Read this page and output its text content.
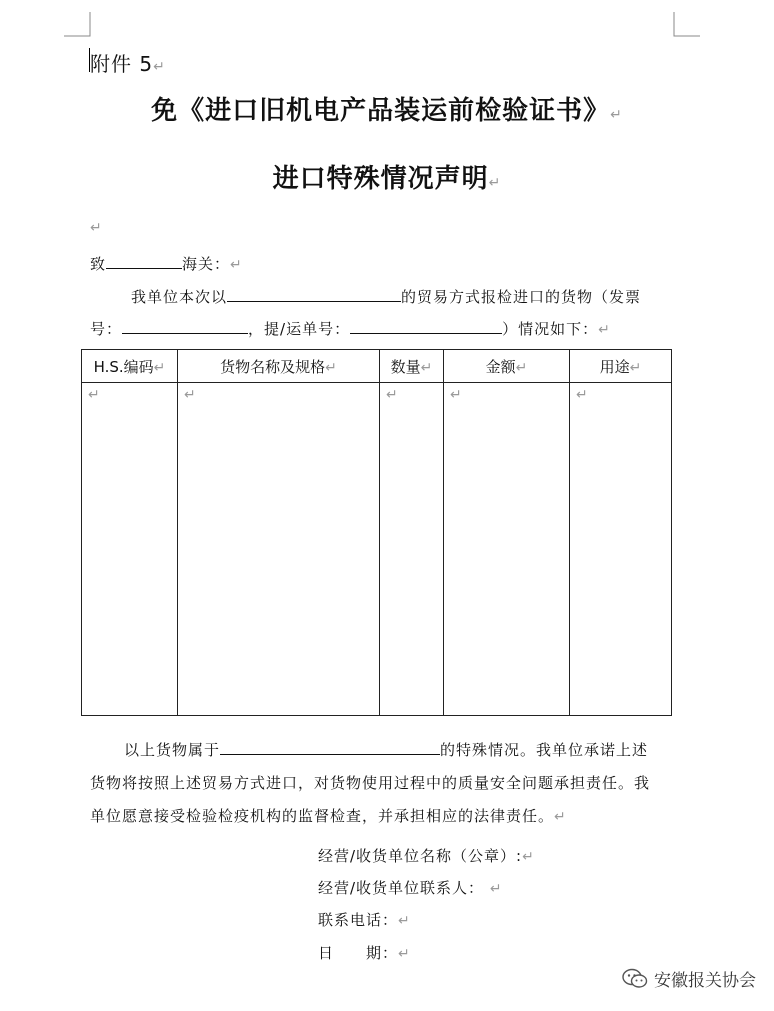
附件 5↵
免《进口旧机电产品装运前检验证书》↵
进口特殊情况声明↵
↵
致	海关：↵
我单位本次以	的贸易方式报检进口的货物（发票
号：	，提/运单号：	）情况如下：↵
H.S.编码↵	货物名称及规格↵	数量↵	金额↵	用途↵
↵	↵	↵	↵	↵
以上货物属于	的特殊情况。我单位承诺上述
货物将按照上述贸易方式进口，对货物使用过程中的质量安全问题承担责任。我
单位愿意接受检验检疫机构的监督检查，并承担相应的法律责任。↵
经营/收货单位名称（公章）:↵
经营/收货单位联系人： ↵
联系电话：↵
日　　期：↵
安徽报关协会
